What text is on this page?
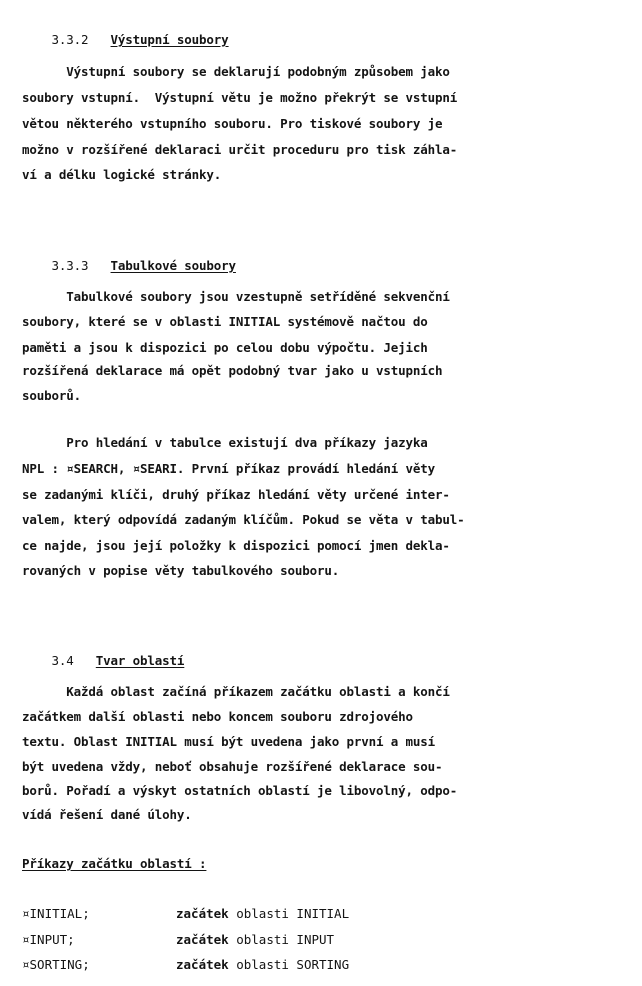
3.3.2 Výstupní soubory

Výstupní soubory se deklarují podobným způsobem jako
soubory vstupní.  Výstupní větu je možno překrýt se vstupní
větou některého vstupního souboru. Pro tiskové soubory je
možno v rozšířené deklaraci určit proceduru pro tisk záhla-
ví a délku logické stránky.

3.3.3 Tabulkové soubory

Tabulkové soubory jsou vzestupně setříděné sekvenční
soubory, které se v oblasti INITIAL systémově načtou do
paměti a jsou k dispozici po celou dobu výpočtu. Jejich
rozšířená deklarace má opět podobný tvar jako u vstupních
souborů.
Pro hledání v tabulce existují dva příkazy jazyka
NPL : ¤SEARCH, ¤SEARI. První příkaz provádí hledání věty
se zadanými klíči, druhý příkaz hledání věty určené inter-
valem, který odpovídá zadaným klíčům. Pokud se věta v tabul-
ce najde, jsou její položky k dispozici pomocí jmen dekla-
rovaných v popise věty tabulkového souboru.

3.4 Tvar oblastí

Každá oblast začíná příkazem začátku oblasti a končí
začátkem další oblasti nebo koncem souboru zdrojového
textu. Oblast INITIAL musí být uvedena jako první a musí
být uvedena vždy, neboť obsahuje rozšířené deklarace sou-
borů. Pořadí a výskyt ostatních oblastí je libovolný, odpo-
vídá řešení dané úlohy.
Příkazy začátku oblastí :
¤INITIAL;	začátek oblasti INITIAL
¤INPUT;	začátek oblasti INPUT
¤SORTING;	začátek oblasti SORTING
